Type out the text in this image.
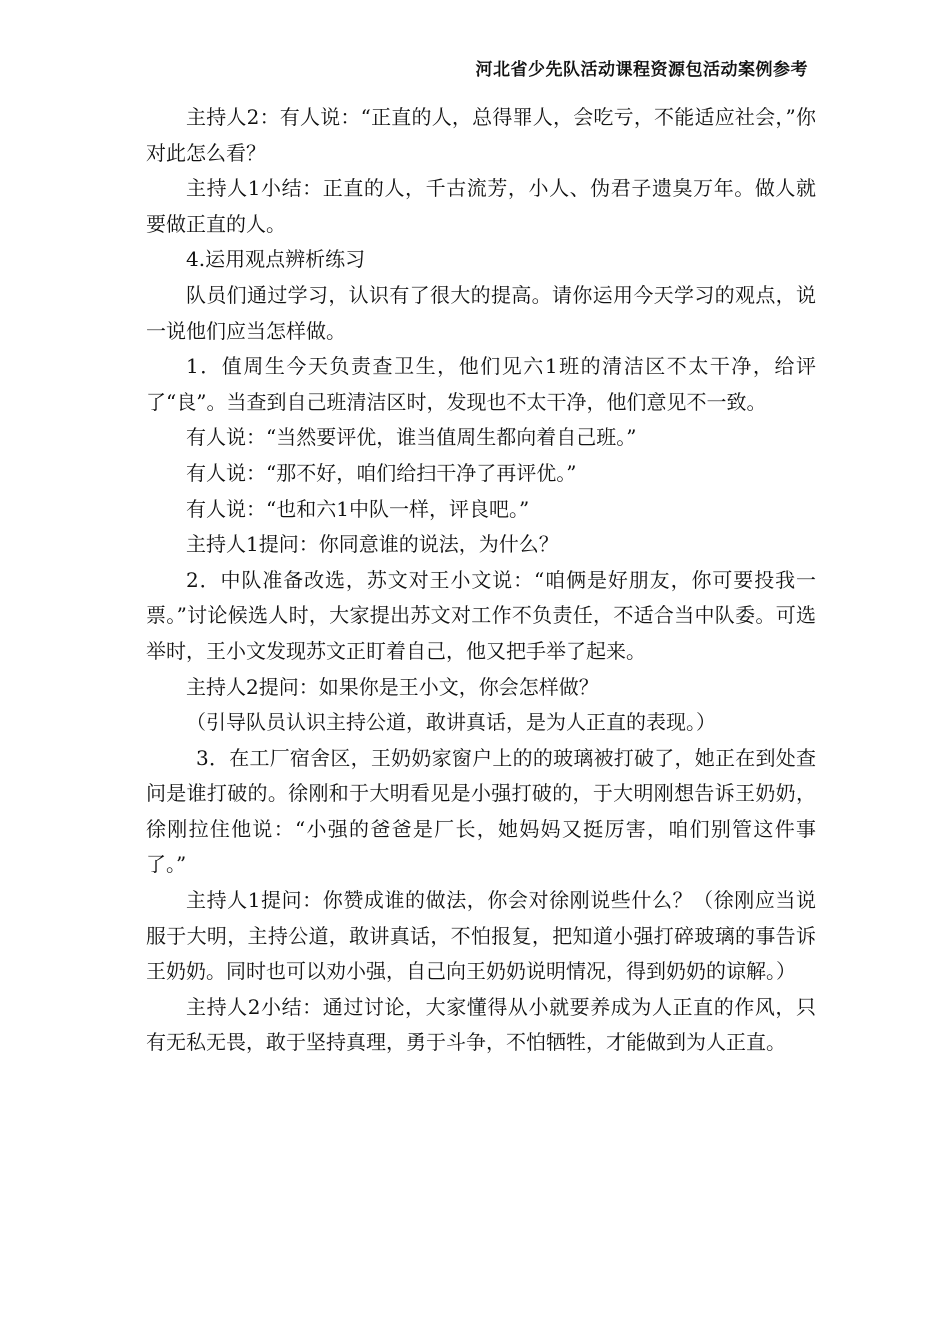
河北省少先队活动课程资源包活动案例参考

主持人2：有人说：“正直的人，总得罪人，会吃亏，不能适应社会，”你对此怎么看？

主持人1小结：正直的人，千古流芳，小人、伪君子遗臭万年。做人就要做正直的人。

4.运用观点辨析练习

队员们通过学习，认识有了很大的提高。请你运用今天学习的观点，说一说他们应当怎样做。

1．值周生今天负责查卫生，他们见六1班的清洁区不太干净，给评了“良”。当查到自己班清洁区时，发现也不太干净，他们意见不一致。

有人说：“当然要评优，谁当值周生都向着自己班。”

有人说：“那不好，咱们给扫干净了再评优。”

有人说：“也和六1中队一样，评良吧。”

主持人1提问：你同意谁的说法，为什么？

2．中队准备改选，苏文对王小文说：“咱俩是好朋友，你可要投我一票。”讨论候选人时，大家提出苏文对工作不负责任，不适合当中队委。可选举时，王小文发现苏文正盯着自己，他又把手举了起来。

主持人2提问：如果你是王小文，你会怎样做？

（引导队员认识主持公道，敢讲真话，是为人正直的表现。）

3．在工厂宿舍区，王奶奶家窗户上的的玻璃被打破了，她正在到处查问是谁打破的。徐刚和于大明看见是小强打破的，于大明刚想告诉王奶奶，徐刚拉住他说：“小强的爸爸是厂长，她妈妈又挺厉害，咱们别管这件事了。”

主持人1提问：你赞成谁的做法，你会对徐刚说些什么？（徐刚应当说服于大明，主持公道，敢讲真话，不怕报复，把知道小强打碎玻璃的事告诉王奶奶。同时也可以劝小强，自己向王奶奶说明情况，得到奶奶的谅解。）

主持人2小结：通过讨论，大家懂得从小就要养成为人正直的作风，只有无私无畏，敢于坚持真理，勇于斗争，不怕牺牲，才能做到为人正直。
